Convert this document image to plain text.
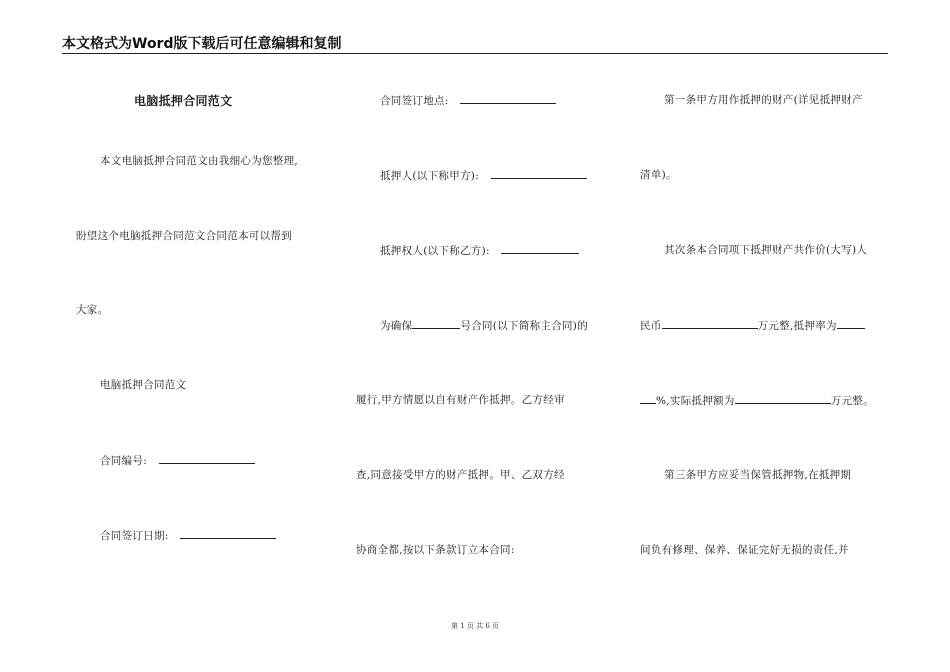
本文格式为Word版下载后可任意编辑和复制
电脑抵押合同范文
本文电脑抵押合同范文由我细心为您整理,
盼望这个电脑抵押合同范文合同范本可以帮到
大家。
电脑抵押合同范文
合同编号:
合同签订日期:
合同签订地点:
抵押人(以下称甲方):
抵押权人(以下称乙方):
为确保	号合同(以下简称主合同)的
履行,甲方情愿以自有财产作抵押。乙方经审
查,同意接受甲方的财产抵押。甲、乙双方经
协商全都,按以下条款订立本合同:
第一条甲方用作抵押的财产(详见抵押财产
清单)。
其次条本合同项下抵押财产共作价(大写)人
民币	万元整,抵押率为
%,实际抵押额为	万元整。
第三条甲方应妥当保管抵押物,在抵押期
间负有修理、保养、保证完好无损的责任,并
第 1 页 共 6 页
